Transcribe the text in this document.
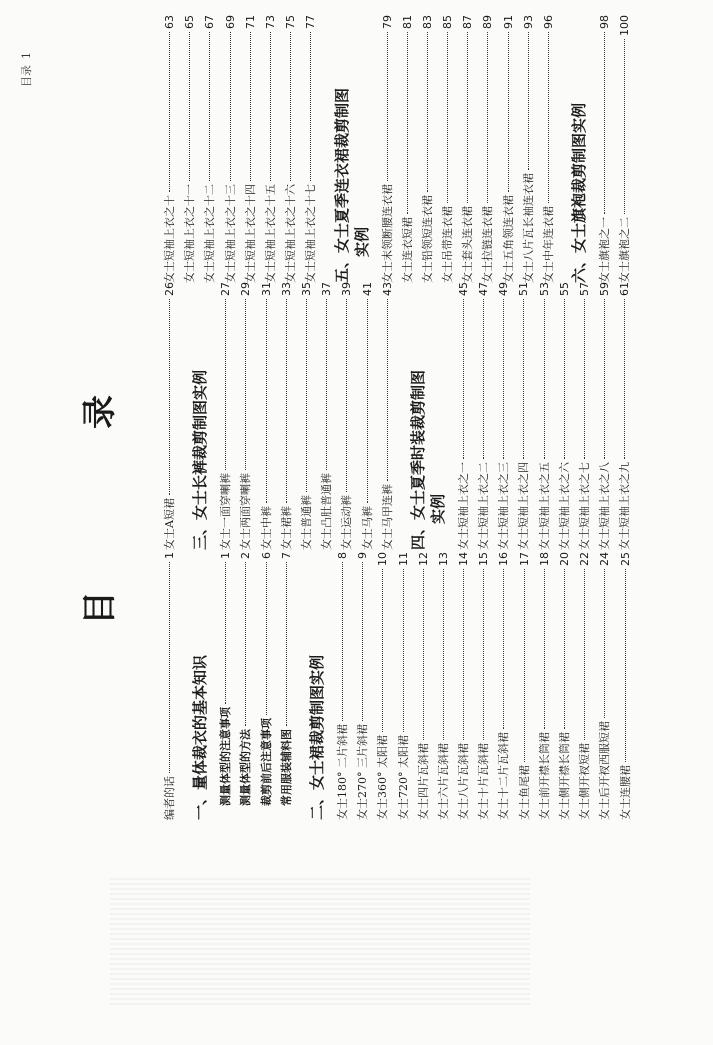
目录1
目
录
编者的话
1
一、量体裁衣的基本知识 测量体型的注意事项
1
测量体型的方法
2
裁剪前后注意事项
6
常用服装辅料图
7
二、女士裙裁剪制图实例 女士180° 二片斜裙
8
女士270° 三片斜裙
9
女士360° 太阳裙
10
女士720° 太阳裙
11
女士四片瓦斜裙
12
女士六片瓦斜裙
13
女士八片瓦斜裙
14
女士十片瓦斜裙
15
女士十二片瓦斜裙
16
女士鱼尾裙
17
女士前开襟长筒裙
18
女士侧开襟长筒裙
20
女士侧开衩短裙
22
女士后开衩西服短裙
24
女士连腰裙
25
女士A短裙
26
三、女士长裤裁剪制图实例 女士一面穿喇裤
27
女士两面穿喇裤
29
女士中裤
31
女士裙裤
33
女士普通裤
35
女士凸肚普通裤
37
女士运动裤
39
女士马裤
41
女士马甲连裤
43
四、女士夏季时装裁剪制图 实例 女士短袖上衣之一
45
女士短袖上衣之二
47
女士短袖上衣之三
49
女士短袖上衣之四
51
女士短袖上衣之五
53
女士短袖上衣之六
55
女士短袖上衣之七
57
女士短袖上衣之八
59
女士短袖上衣之九
61
女士短袖上衣之十
63
女士短袖上衣之十一
65
女士短袖上衣之十二
67
女士短袖上衣之十三
69
女士短袖上衣之十四
71
女士短袖上衣之十五
73
女士短袖上衣之十六
75
女士短袖上衣之十七
77
五、女士夏季连衣裙裁剪制图 实例 女士末领断腰连衣裙
79
女士连衣短裙
81
女士铅领短连衣裙
83
女士吊带连衣裙
85
女士套头连衣裙
87
女士拉链连衣裙
89
女士五角领连衣裙
91
女士八片瓦长袖连衣裙
93
女士中年连衣裙
96
六、女士旗袍裁剪制图实例 女士旗袍之一
98
女士旗袍之二
100
